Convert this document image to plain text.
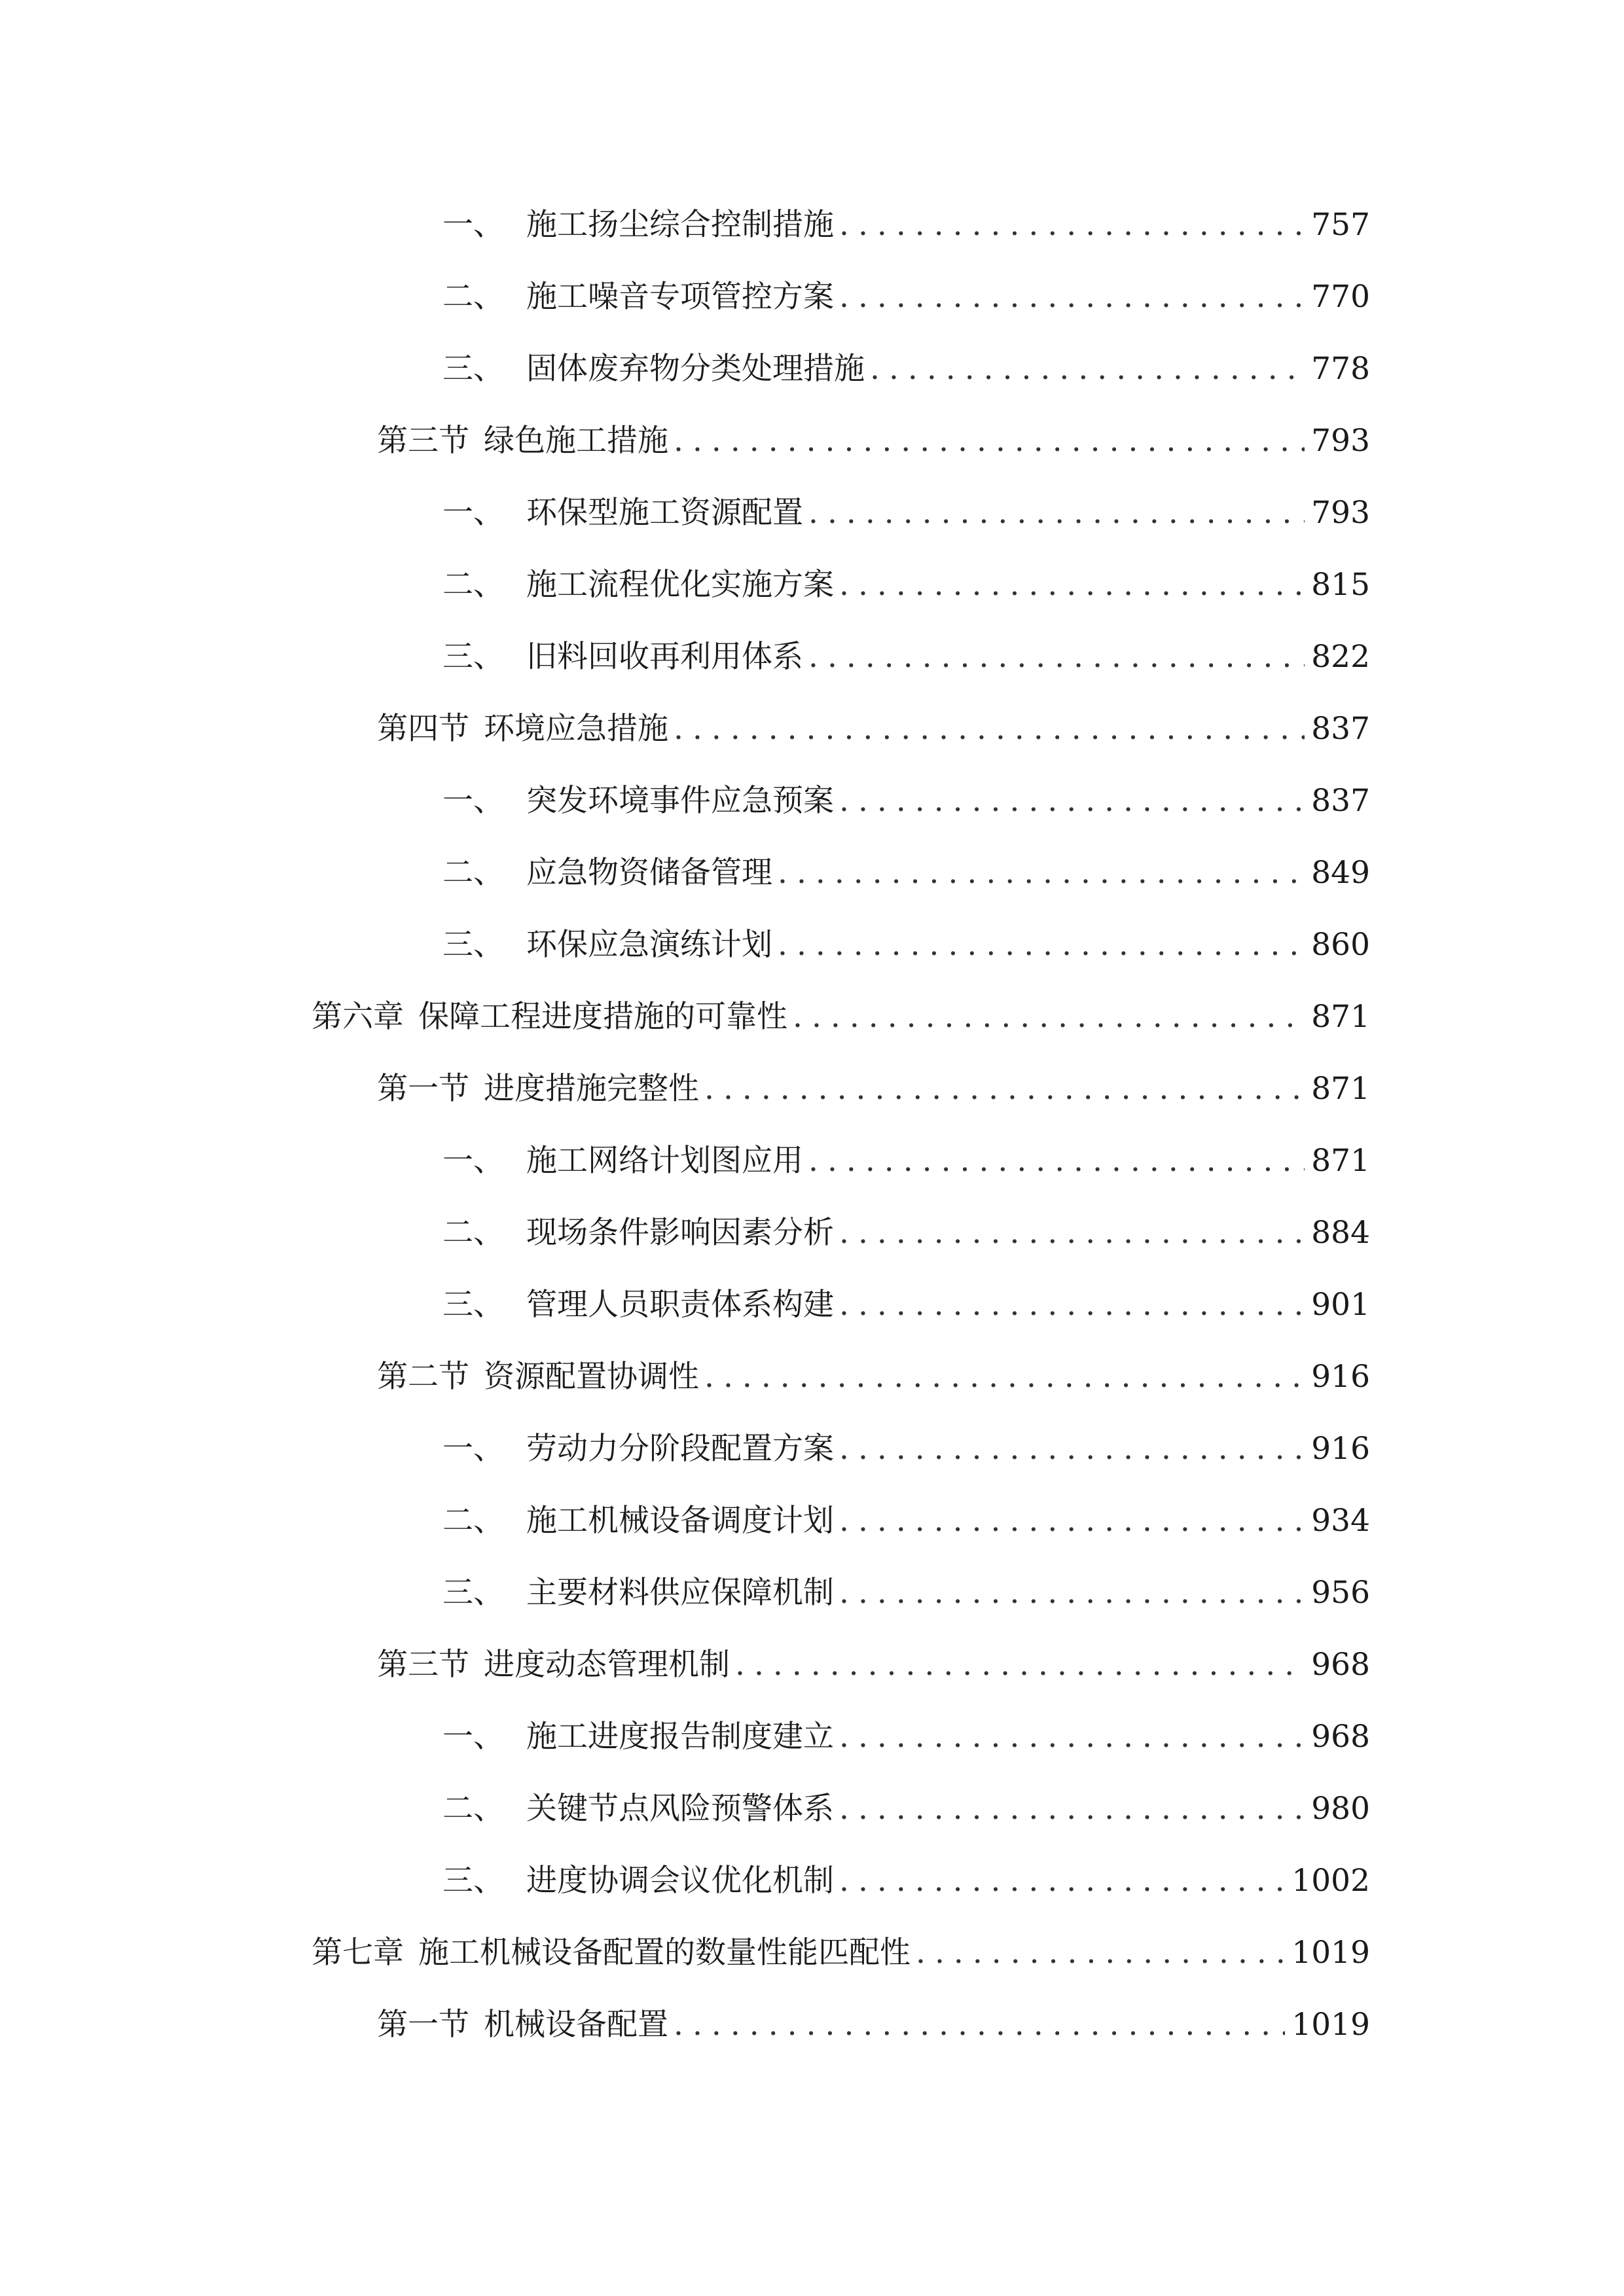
一、 施工扬尘综合控制措施 .....	757
二、 施工噪音专项管控方案 .....	770
三、 固体废弃物分类处理措施 .....	778
第三节 绿色施工措施 .....	793
一、 环保型施工资源配置 .....	793
二、 施工流程优化实施方案 .....	815
三、 旧料回收再利用体系 .....	822
第四节 环境应急措施 .....	837
一、 突发环境事件应急预案 .....	837
二、 应急物资储备管理 .....	849
三、 环保应急演练计划 .....	860
第六章 保障工程进度措施的可靠性 .....	871
第一节 进度措施完整性 .....	871
一、 施工网络计划图应用 .....	871
二、 现场条件影响因素分析 .....	884
三、 管理人员职责体系构建 .....	901
第二节 资源配置协调性 .....	916
一、 劳动力分阶段配置方案 .....	916
二、 施工机械设备调度计划 .....	934
三、 主要材料供应保障机制 .....	956
第三节 进度动态管理机制 .....	968
一、 施工进度报告制度建立 .....	968
二、 关键节点风险预警体系 .....	980
三、 进度协调会议优化机制 .....	1002
第七章 施工机械设备配置的数量性能匹配性 .....	1019
第一节 机械设备配置 .....	1019
